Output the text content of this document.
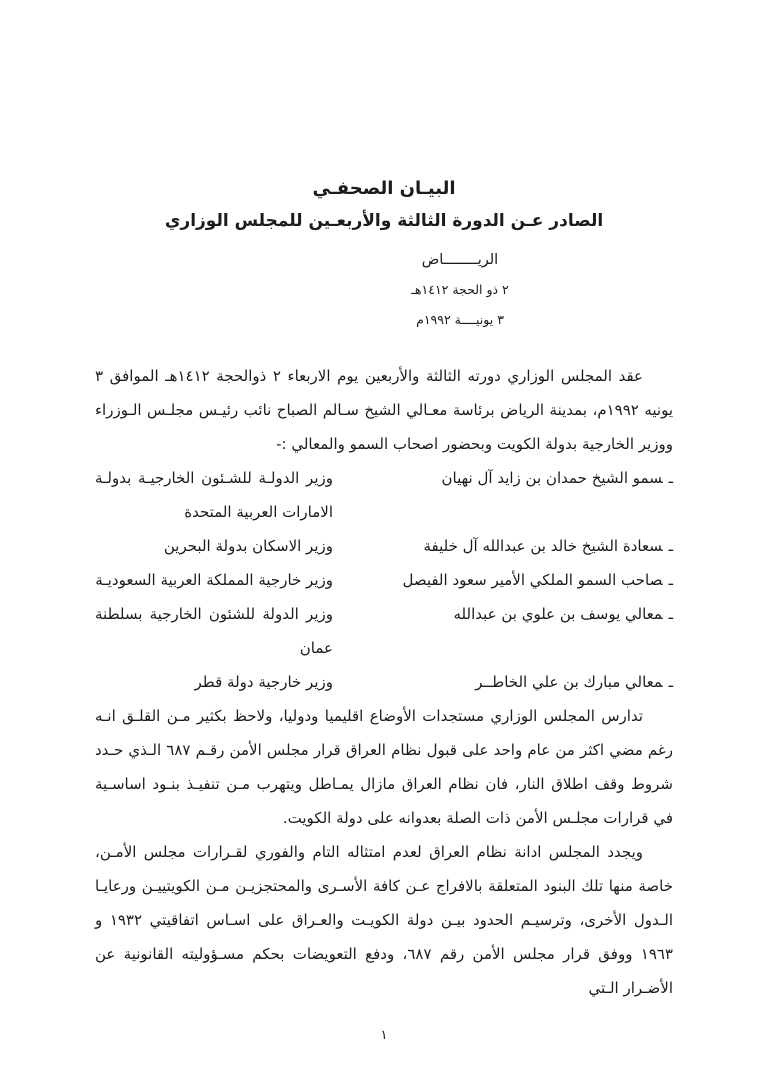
البيـان الصحفـي
الصادر عـن الدورة الثالثة والأربعـين للمجلس الوزاري
الريــــــــاض
٢ ذو الحجة ١٤١٢هـ
٣ يونيــــة ١٩٩٢م

عقد المجلس الوزاري دورته الثالثة والأربعين يوم الاربعاء ٢ ذوالحجة ١٤١٢هـ الموافق ٣ يونيه ١٩٩٢م، بمدينة الرياض برئاسة معـالي الشيخ سـالم الصباح نائب رئيـس مجلـس الـوزراء ووزير الخارجية بدولة الكويت وبحضور اصحاب السمو والمعالي :-

ـسمو الشيخ حمدان بن زايد آل نهيان
وزير الدولـة للشـئون الخارجيـة بدولـة الامارات العربية المتحدة
ـسعادة الشيخ خالد بن عبدالله آل خليفة
وزير الاسكان بدولة البحرين
ـصاحب السمو الملكي الأمير سعود الفيصل
وزير خارجية المملكة العربية السعوديـة
ـمعالي يوسف بن علوي بن عبدالله
وزير الدولة للشئون الخارجية بسلطنة عمان
ـمعالي مبارك بن علي الخاطــر
وزير خارجية دولة قطر

تدارس المجلس الوزاري مستجدات الأوضاع اقليميا ودوليا، ولاحظ بكثير مـن القلـق انـه رغم مضي اكثر من عام واحد على قبول نظام العراق قرار مجلس الأمن رقـم ٦٨٧ الـذي حـدد شروط وقف اطلاق النار، فان نظام العراق مازال يمـاطل ويتهرب مـن تنفيـذ بنـود اساسـية في قرارات مجلـس الأمن ذات الصلة بعدوانه على دولة الكويت.

ويجدد المجلس ادانة نظام العراق لعدم امتثاله التام والفوري لقـرارات مجلس الأمـن، خاصة منها تلك البنود المتعلقة بالافراج عـن كافة الأسـرى والمحتجزيـن مـن الكويتييـن ورعايـا الـدول الأخرى، وترسيـم الحدود بيـن دولة الكويـت والعـراق على اسـاس اتفاقيتي ١٩٣٢ و ١٩٦٣ ووفق قرار مجلس الأمن رقم ٦٨٧، ودفع التعويضات بحكم مسـؤوليته القانونية عن الأضـرار الـتي

١
